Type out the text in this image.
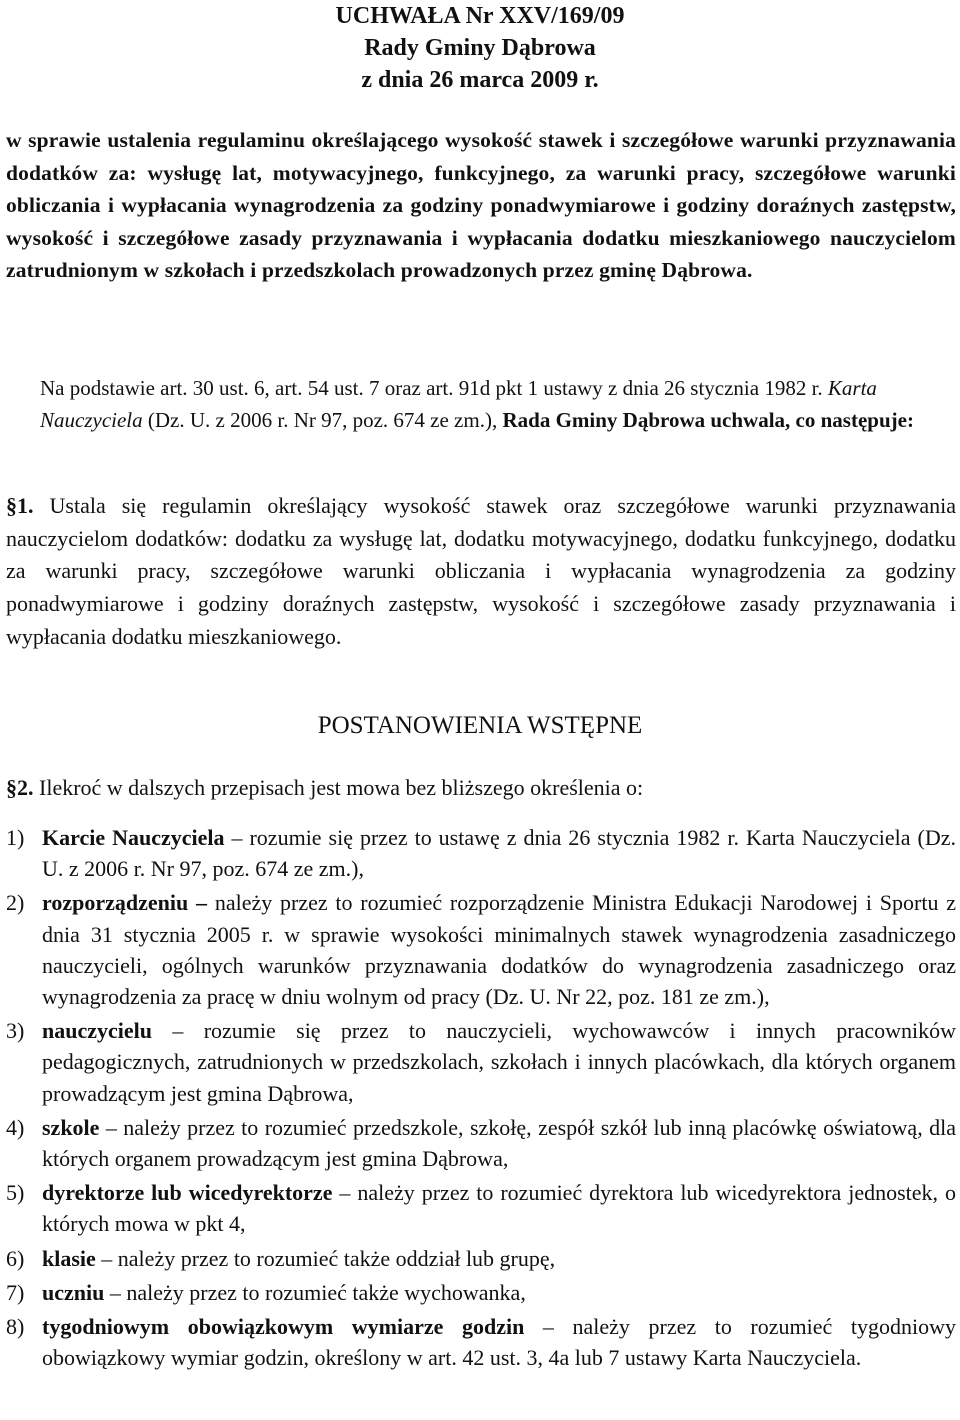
UCHWAŁA Nr XXV/169/09
Rady Gminy Dąbrowa
z dnia 26 marca 2009 r.
w sprawie ustalenia regulaminu określającego wysokość stawek i szczegółowe warunki przyznawania dodatków za: wysługę lat, motywacyjnego, funkcyjnego, za warunki pracy, szczegółowe warunki obliczania i wypłacania wynagrodzenia za godziny ponadwymiarowe i godziny doraźnych zastępstw, wysokość i szczegółowe zasady przyznawania i wypłacania dodatku mieszkaniowego nauczycielom zatrudnionym w szkołach i przedszkolach prowadzonych przez gminę Dąbrowa.
Na podstawie art. 30 ust. 6, art. 54 ust. 7 oraz art. 91d pkt 1 ustawy z dnia 26 stycznia 1982 r. Karta Nauczyciela (Dz. U. z 2006 r. Nr 97, poz. 674 ze zm.), Rada Gminy Dąbrowa uchwala, co następuje:
§1. Ustala się regulamin określający wysokość stawek oraz szczegółowe warunki przyznawania nauczycielom dodatków: dodatku za wysługę lat, dodatku motywacyjnego, dodatku funkcyjnego, dodatku za warunki pracy, szczegółowe warunki obliczania i wypłacania wynagrodzenia za godziny ponadwymiarowe i godziny doraźnych zastępstw, wysokość i szczegółowe zasady przyznawania i wypłacania dodatku mieszkaniowego.
POSTANOWIENIA WSTĘPNE
§2. Ilekroć w dalszych przepisach jest mowa bez bliższego określenia o:
1) Karcie Nauczyciela – rozumie się przez to ustawę z dnia 26 stycznia 1982 r. Karta Nauczyciela (Dz. U. z 2006 r. Nr 97, poz. 674 ze zm.),
2) rozporządzeniu – należy przez to rozumieć rozporządzenie Ministra Edukacji Narodowej i Sportu z dnia 31 stycznia 2005 r. w sprawie wysokości minimalnych stawek wynagrodzenia zasadniczego nauczycieli, ogólnych warunków przyznawania dodatków do wynagrodzenia zasadniczego oraz wynagrodzenia za pracę w dniu wolnym od pracy (Dz. U. Nr 22, poz. 181 ze zm.),
3) nauczycielu – rozumie się przez to nauczycieli, wychowawców i innych pracowników pedagogicznych, zatrudnionych w przedszkolach, szkołach i innych placówkach, dla których organem prowadzącym jest gmina Dąbrowa,
4) szkole – należy przez to rozumieć przedszkole, szkołę, zespół szkół lub inną placówkę oświatową, dla których organem prowadzącym jest gmina Dąbrowa,
5) dyrektorze lub wicedyrektorze – należy przez to rozumieć dyrektora lub wicedyrektora jednostek, o których mowa w pkt 4,
6) klasie – należy przez to rozumieć także oddział lub grupę,
7) uczniu – należy przez to rozumieć także wychowanka,
8) tygodniowym obowiązkowym wymiarze godzin – należy przez to rozumieć tygodniowy obowiązkowy wymiar godzin, określony w art. 42 ust. 3, 4a lub 7 ustawy Karta Nauczyciela.
